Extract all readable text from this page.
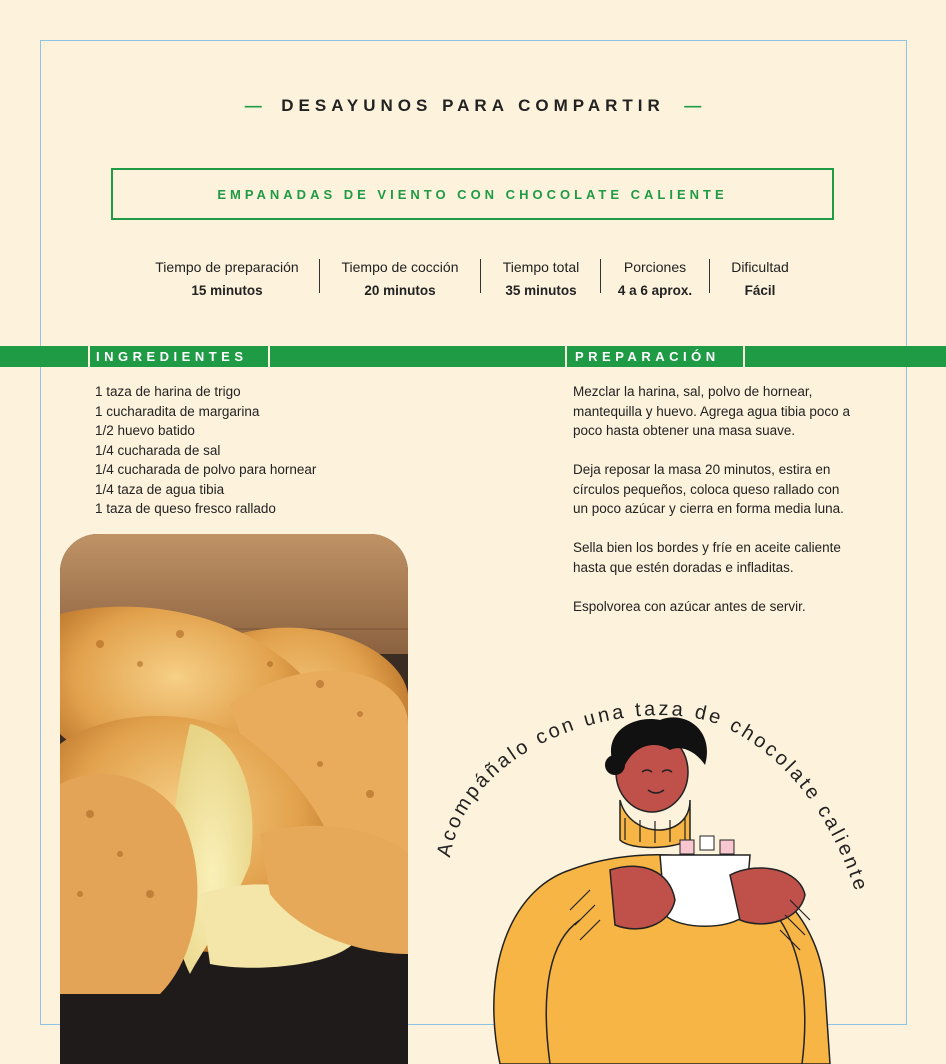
— DESAYUNOS PARA COMPARTIR —
EMPANADAS DE VIENTO CON CHOCOLATE CALIENTE
Tiempo de preparación
15 minutos
Tiempo de cocción
20 minutos
Tiempo total
35 minutos
Porciones
4 a 6 aprox.
Dificultad
Fácil
INGREDIENTES	PREPARACIÓN
1 taza de harina de trigo
1 cucharadita de margarina
1/2 huevo batido
1/4 cucharada de sal
1/4 cucharada de polvo para hornear
1/4 taza de agua tibia
1 taza de queso fresco rallado

Mezclar la harina, sal, polvo de hornear, mantequilla y huevo. Agrega agua tibia poco a poco hasta obtener una masa suave.

Deja reposar la masa 20 minutos, estira en círculos pequeños, coloca queso rallado con un poco azúcar y cierra en forma media luna.

Sella bien los bordes y fríe en aceite caliente hasta que estén doradas e infladitas.

Espolvorea con azúcar antes de servir.

Acompáñalo con una taza de chocolate caliente
